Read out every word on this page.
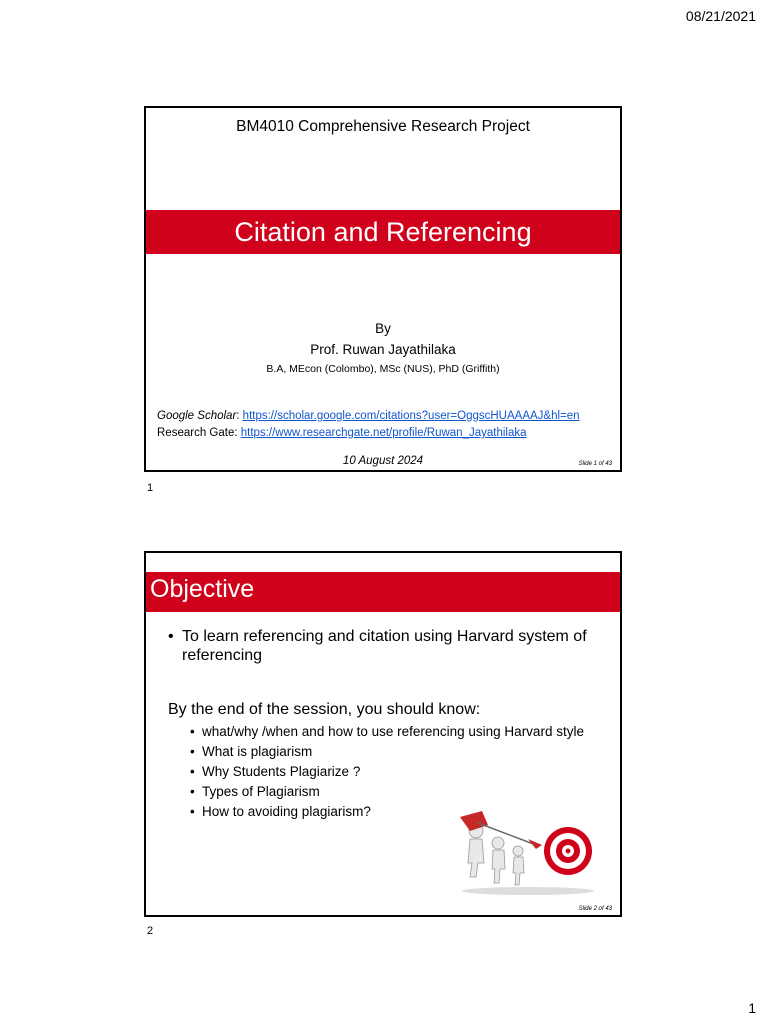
08/21/2021
BM4010 Comprehensive Research Project
Citation and Referencing
By
Prof. Ruwan Jayathilaka
B.A, MEcon (Colombo), MSc (NUS), PhD (Griffith)
Google Scholar: https://scholar.google.com/citations?user=OggscHUAAAAJ&hl=en
Research Gate: https://www.researchgate.net/profile/Ruwan_Jayathilaka
10 August 2024	Slide 1 of 43
1
Objective
• To learn referencing and citation using Harvard system of referencing
By the end of the session, you should know:
• what/why /when and how to use referencing using Harvard style
• What is plagiarism
• Why Students Plagiarize ?
• Types of Plagiarism
• How to avoiding plagiarism?
Slide 2 of 43
2
1
